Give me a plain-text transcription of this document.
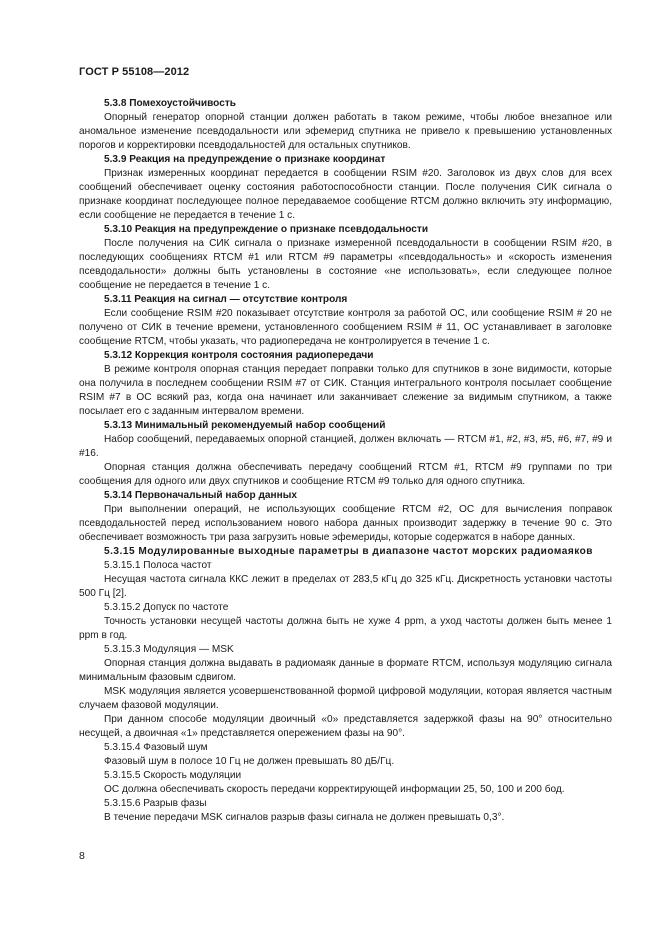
ГОСТ Р 55108—2012

5.3.8 Помехоустойчивость

Опорный генератор опорной станции должен работать в таком режиме, чтобы любое внезапное или аномальное изменение псевдодальности или эфемерид спутника не привело к превышению установленных порогов и корректировки псевдодальностей для остальных спутников.

5.3.9 Реакция на предупреждение о признаке координат

Признак измеренных координат передается в сообщении RSIM #20. Заголовок из двух слов для всех сообщений обеспечивает оценку состояния работоспособности станции. После получения СИК сигнала о признаке координат последующее полное передаваемое сообщение RTCM должно включить эту информацию, если сообщение не передается в течение 1 с.

5.3.10 Реакция на предупреждение о признаке псевдодальности

После получения на СИК сигнала о признаке измеренной псевдодальности в сообщении RSIM #20, в последующих сообщениях RTCM #1 или RTCM #9 параметры «псевдодальность» и «скорость изменения псевдодальности» должны быть установлены в состояние «не использовать», если следующее полное сообщение не передается в течение 1 с.

5.3.11 Реакция на сигнал — отсутствие контроля

Если сообщение RSIM #20 показывает отсутствие контроля за работой ОС, или сообщение RSIM # 20 не получено от СИК в течение времени, установленного сообщением RSIM # 11, ОС устанавливает в заголовке сообщение RTCM, чтобы указать, что радиопередача не контролируется в течение 1 с.

5.3.12 Коррекция контроля состояния радиопередачи

В режиме контроля опорная станция передает поправки только для спутников в зоне видимости, которые она получила в последнем сообщении RSIM #7 от СИК. Станция интегрального контроля посылает сообщение RSIM #7 в ОС всякий раз, когда она начинает или заканчивает слежение за видимым спутником, а также посылает его с заданным интервалом времени.

5.3.13 Минимальный рекомендуемый набор сообщений

Набор сообщений, передаваемых опорной станцией, должен включать — RTCM #1, #2, #3, #5, #6, #7, #9 и #16.

Опорная станция должна обеспечивать передачу сообщений RTCM #1, RTCM #9 группами по три сообщения для одного или двух спутников и сообщение RTCM #9 только для одного спутника.

5.3.14 Первоначальный набор данных

При выполнении операций, не использующих сообщение RTCM #2, ОС для вычисления поправок псевдодальностей перед использованием нового набора данных производит задержку в течение 90 с. Это обеспечивает возможность три раза загрузить новые эфемериды, которые содержатся в наборе данных.

5.3.15 Модулированные выходные параметры в диапазоне частот морских радиомаяков

5.3.15.1 Полоса частот

Несущая частота сигнала ККС лежит в пределах от 283,5 кГц до 325 кГц. Дискретность установки частоты 500 Гц [2].

5.3.15.2 Допуск по частоте

Точность установки несущей частоты должна быть не хуже 4 ppm, а уход частоты должен быть менее 1 ppm в год.

5.3.15.3 Модуляция — MSK

Опорная станция должна выдавать в радиомаяк данные в формате RTCM, используя модуляцию сигнала минимальным фазовым сдвигом.

MSK модуляция является усовершенствованной формой цифровой модуляции, которая является частным случаем фазовой модуляции.

При данном способе модуляции двоичный «0» представляется задержкой фазы на 90° относительно несущей, а двоичная «1» представляется опережением фазы на 90°.

5.3.15.4 Фазовый шум

Фазовый шум в полосе 10 Гц не должен превышать 80 дБ/Гц.

5.3.15.5 Скорость модуляции

ОС должна обеспечивать скорость передачи корректирующей информации 25, 50, 100 и 200 бод.

5.3.15.6 Разрыв фазы

В течение передачи MSK сигналов разрыв фазы сигнала не должен превышать 0,3°.

8
